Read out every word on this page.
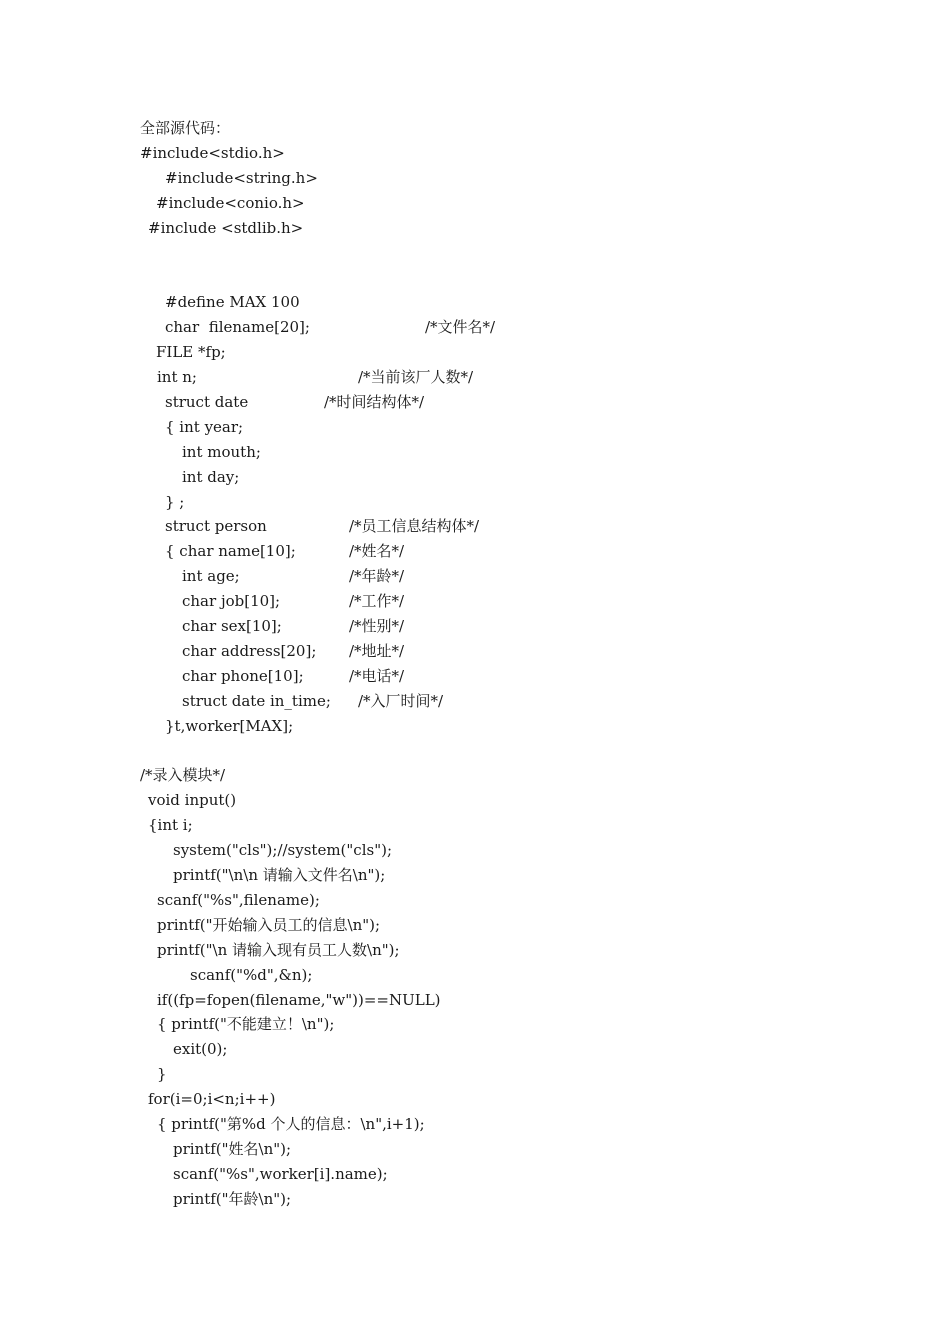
全部源代码：
#include<stdio.h>
#include<string.h>
#include<conio.h>
#include <stdlib.h>
#define MAX 100
char  filename[20];	/*文件名*/
FILE *fp;
int n;	/*当前该厂人数*/
struct date	/*时间结构体*/
{ int year;
int mouth;
int day;
} ;
struct person	/*员工信息结构体*/
{ char name[10];	/*姓名*/
int age;	/*年龄*/
char job[10];	/*工作*/
char sex[10];	/*性别*/
char address[20]; /*地址*/
char phone[10];	/*电话*/
struct date in_time; /*入厂时间*/
}t,worker[MAX];
/*录入模块*/
void input()
{int i;
system("cls");//system("cls");
printf("\n\n 请输入文件名\n");
scanf("%s",filename);
printf("开始输入员工的信息\n");
printf("\n 请输入现有员工人数\n");
scanf("%d",&n);
if((fp=fopen(filename,"w"))==NULL)
{ printf("不能建立！\n");
exit(0);
}
for(i=0;i<n;i++)
{ printf("第%d 个人的信息：\n",i+1);
printf("姓名\n");
scanf("%s",worker[i].name);
printf("年龄\n");
